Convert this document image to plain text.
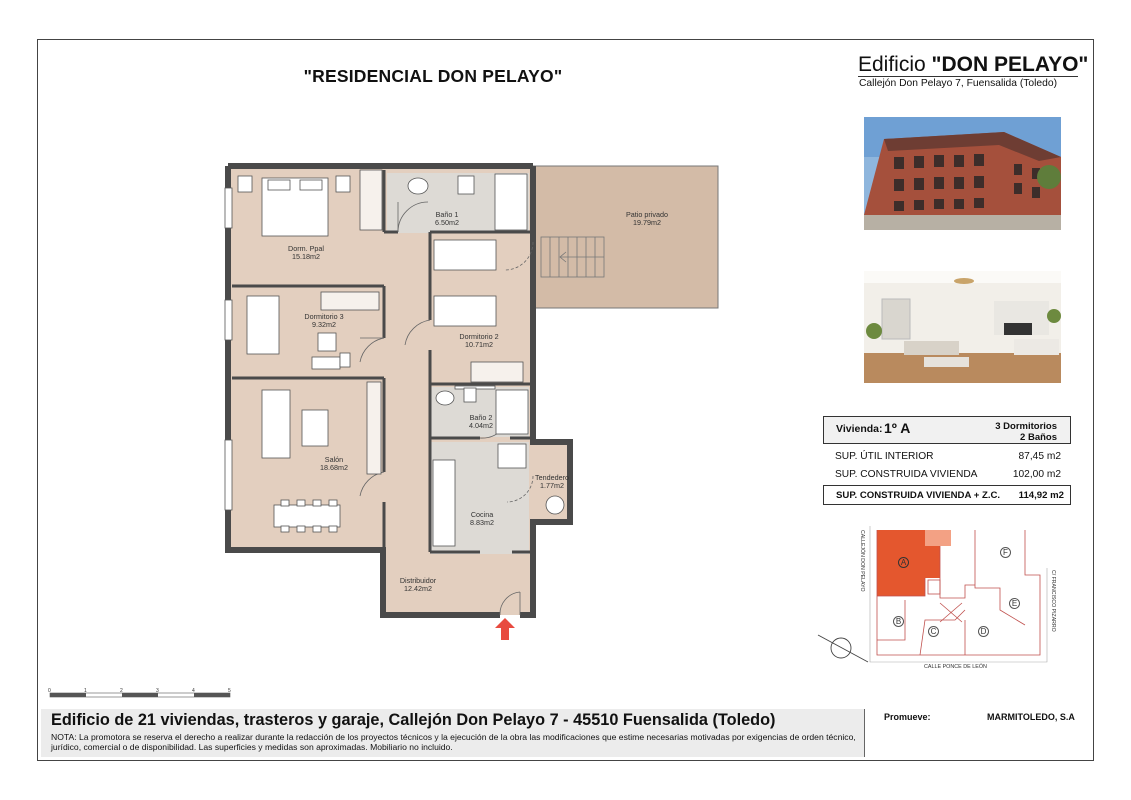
"RESIDENCIAL DON PELAYO"	Edificio "DON PELAYO"
Callejón Don Pelayo 7, Fuensalida (Toledo)
Vivienda: 1º A	3 Dormitorios
2 Baños
SUP. ÚTIL INTERIOR	87,45 m2
SUP. CONSTRUIDA VIVIENDA	102,00 m2
SUP. CONSTRUIDA VIVIENDA + Z.C. 114,92 m2
Dorm. Ppal
15.18m2
Baño 1
6.50m2
Patio privado
19.79m2
Dormitorio 3
9.32m2
Dormitorio 2
10.71m2
Baño 2
4.04m2
Salón
18.68m2
Tendedero
1.77m2
Cocina
8.83m2
Distribuidor
12.42m2
0	1	2	3	4	5
CALLEJÓN DON PELAYO
C/ FRANCISCO PIZARRO
CALLE PONCE DE LEÓN
A
B
C	D
E
F
Edificio de 21 viviendas, trasteros y garaje, Callejón Don Pelayo 7 - 45510 Fuensalida (Toledo)
NOTA: La promotora se reserva el derecho a realizar durante la redacción de los proyectos técnicos y la ejecución de la obra las modificaciones que estime necesarias motivadas por exigencias de orden técnico, jurídico, comercial o de disponibilidad. Las superficies y medidas son aproximadas. Mobiliario no incluido.
Promueve:	MARMITOLEDO, S.A
